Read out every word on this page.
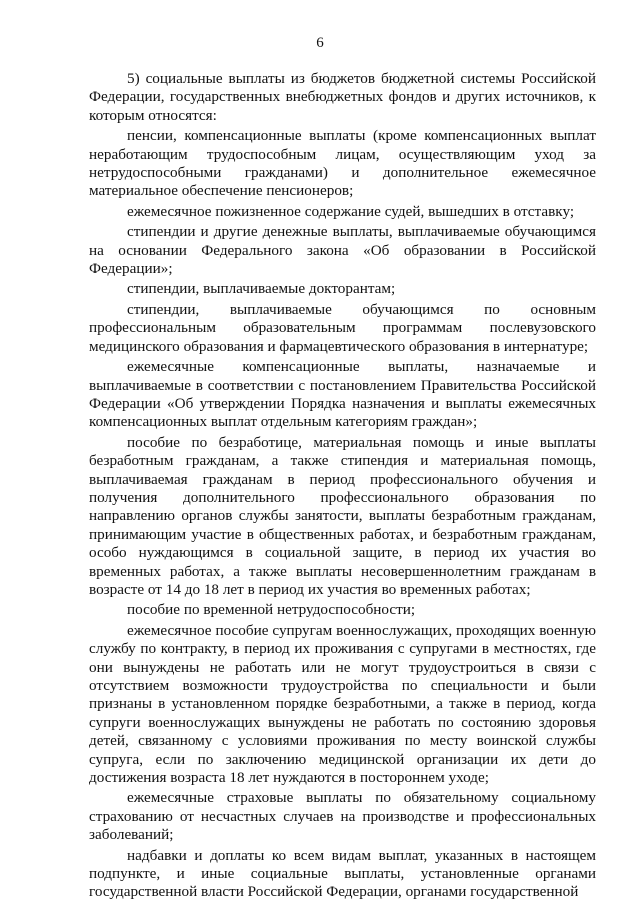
6

5) социальные выплаты из бюджетов бюджетной системы Российской Федерации, государственных внебюджетных фондов и других источников, к которым относятся:

пенсии, компенсационные выплаты (кроме компенсационных выплат неработающим трудоспособным лицам, осуществляющим уход за нетрудоспособными гражданами) и дополнительное ежемесячное материальное обеспечение пенсионеров;

ежемесячное пожизненное содержание судей, вышедших в отставку;

стипендии и другие денежные выплаты, выплачиваемые обучающимся на основании Федерального закона «Об образовании в Российской Федерации»;

стипендии, выплачиваемые докторантам;

стипендии, выплачиваемые обучающимся по основным профессиональным образовательным программам послевузовского медицинского образования и фармацевтического образования в интернатуре;

ежемесячные компенсационные выплаты, назначаемые и выплачиваемые в соответствии с постановлением Правительства Российской Федерации «Об утверждении Порядка назначения и выплаты ежемесячных компенсационных выплат отдельным категориям граждан»;

пособие по безработице, материальная помощь и иные выплаты безработным гражданам, а также стипендия и материальная помощь, выплачиваемая гражданам в период профессионального обучения и получения дополнительного профессионального образования по направлению органов службы занятости, выплаты безработным гражданам, принимающим участие в общественных работах, и безработным гражданам, особо нуждающимся в социальной защите, в период их участия во временных работах, а также выплаты несовершеннолетним гражданам в возрасте от 14 до 18 лет в период их участия во временных работах;

пособие по временной нетрудоспособности;

ежемесячное пособие супругам военнослужащих, проходящих военную службу по контракту, в период их проживания с супругами в местностях, где они вынуждены не работать или не могут трудоустроиться в связи с отсутствием возможности трудоустройства по специальности и были признаны в установленном порядке безработными, а также в период, когда супруги военнослужащих вынуждены не работать по состоянию здоровья детей, связанному с условиями проживания по месту воинской службы супруга, если по заключению медицинской организации их дети до достижения возраста 18 лет нуждаются в постороннем уходе;

ежемесячные страховые выплаты по обязательному социальному страхованию от несчастных случаев на производстве и профессиональных заболеваний;

надбавки и доплаты ко всем видам выплат, указанных в настоящем подпункте, и иные социальные выплаты, установленные органами государственной власти Российской Федерации, органами государственной
